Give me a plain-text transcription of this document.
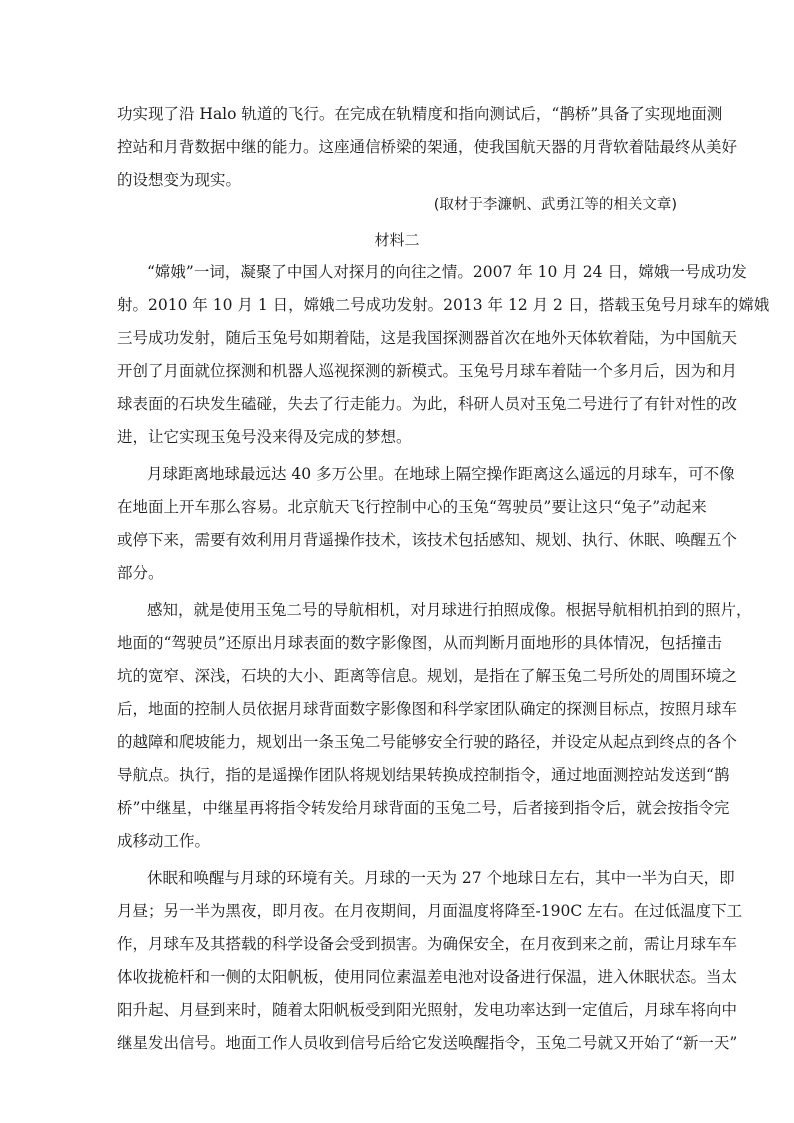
功实现了沿 Halo 轨道的飞行。在完成在轨精度和指向测试后，“鹊桥”具备了实现地面测
控站和月背数据中继的能力。这座通信桥梁的架通，使我国航天器的月背软着陆最终从美好
的设想变为现实。
(取材于李濂帆、武勇江等的相关文章)
材料二
“嫦娥”一词，凝聚了中国人对探月的向往之情。2007 年 10 月 24 日，嫦娥一号成功发
射。2010 年 10 月 1 日，嫦娥二号成功发射。2013 年 12 月 2 日，搭载玉兔号月球车的嫦娥
三号成功发射，随后玉兔号如期着陆，这是我国探测器首次在地外天体软着陆，为中国航天
开创了月面就位探测和机器人巡视探测的新模式。玉兔号月球车着陆一个多月后，因为和月
球表面的石块发生磕碰，失去了行走能力。为此，科研人员对玉兔二号进行了有针对性的改
进，让它实现玉兔号没来得及完成的梦想。
月球距离地球最远达 40 多万公里。在地球上隔空操作距离这么遥远的月球车，可不像
在地面上开车那么容易。北京航天飞行控制中心的玉兔“驾驶员”要让这只“兔子”动起来
或停下来，需要有效利用月背遥操作技术，该技术包括感知、规划、执行、休眠、唤醒五个
部分。
感知，就是使用玉兔二号的导航相机，对月球进行拍照成像。根据导航相机拍到的照片，
地面的“驾驶员”还原出月球表面的数字影像图，从而判断月面地形的具体情况，包括撞击
坑的宽窄、深浅，石块的大小、距离等信息。规划，是指在了解玉兔二号所处的周围环境之
后，地面的控制人员依据月球背面数字影像图和科学家团队确定的探测目标点，按照月球车
的越障和爬坡能力，规划出一条玉兔二号能够安全行驶的路径，并设定从起点到终点的各个
导航点。执行，指的是遥操作团队将规划结果转换成控制指令，通过地面测控站发送到“鹊
桥”中继星，中继星再将指令转发给月球背面的玉兔二号，后者接到指令后，就会按指令完
成移动工作。
休眠和唤醒与月球的环境有关。月球的一天为 27 个地球日左右，其中一半为白天，即
月昼；另一半为黑夜，即月夜。在月夜期间，月面温度将降至-190C 左右。在过低温度下工
作，月球车及其搭载的科学设备会受到损害。为确保安全，在月夜到来之前，需让月球车车
体收拢桅杆和一侧的太阳帆板，使用同位素温差电池对设备进行保温，进入休眠状态。当太
阳升起、月昼到来时，随着太阳帆板受到阳光照射，发电功率达到一定值后，月球车将向中
继星发出信号。地面工作人员收到信号后给它发送唤醒指令，玉兔二号就又开始了“新一天”
